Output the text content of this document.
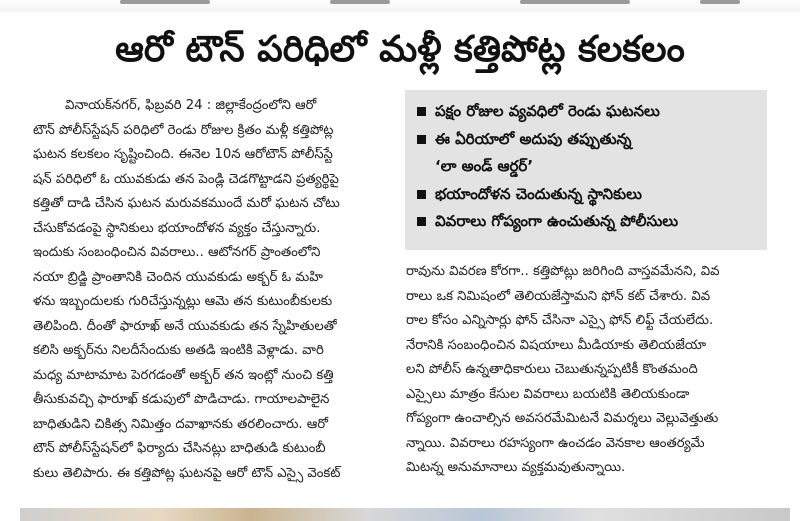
ఆరో టౌన్ పరిధిలో మళ్లీ కత్తిపోట్ల కలకలం

వినాయక్‌నగర్, ఫిబ్రవరి 24 : జిల్లాకేంద్రంలోని ఆరో

టౌన్ పోలీస్‌స్టేషన్ పరిధిలో రెండు రోజుల క్రితం మళ్లీ కత్తిపోట్ల

ఘటన కలకలం సృష్టించింది. ఈనెల 10న ఆరోటౌన్ పోలీస్‌స్టే

షన్ పరిధిలో ఓ యువకుడు తన పెండ్లి చెడగొట్టాడని ప్రత్యర్థిపై

కత్తితో దాడి చేసిన ఘటన మరువకముందే మరో ఘటన చోటు

చేసుకోవడంపై స్థానికులు భయాందోళన వ్యక్తం చేస్తున్నారు.

ఇందుకు సంబంధించిన వివరాలు.. ఆటోనగర్ ప్రాంతంలోని

నయా బ్రిడ్జి ప్రాంతానికి చెందిన యువకుడు అక్బర్ ఓ మహి

ళను ఇబ్బందులకు గురిచేస్తున్నట్లు ఆమె తన కుటుంబీకులకు

తెలిపింది. దీంతో ఫారూఖ్ అనే యువకుడు తన స్నేహితులతో

కలిసి అక్బర్‌ను నిలదీసేందుకు అతడి ఇంటికి వెళ్లాడు. వారి

మధ్య మాటామాట పెరగడంతో అక్బర్ తన ఇంట్లో నుంచి కత్తి

తీసుకువచ్చి ఫారూఖ్ కడుపులో పొడిచాడు. గాయాలపాలైన

బాధితుడిని చికిత్స నిమిత్తం దవాఖానకు తరలించారు. ఆరో

టౌన్ పోలీస్‌స్టేషన్‌లో ఫిర్యాదు చేసినట్లు బాధితుడి కుటుంబీ

కులు తెలిపారు. ఈ కత్తిపోట్ల ఘటనపై ఆరో టౌన్ ఎస్సై వెంకట్

పక్షం రోజుల వ్యవధిలో రెండు ఘటనలు
ఈ ఏరియాలో అదుపు తప్పుతున్న
‘లా అండ్ ఆర్డర్’
భయాందోళన చెందుతున్న స్థానికులు
వివరాలు గోప్యంగా ఉంచుతున్న పోలీసులు

రావును వివరణ కోరగా.. కత్తిపోట్లు జరిగింది వాస్తవమేనని, వివ

రాలు ఒక నిమిషంలో తెలియజేస్తామని ఫోన్ కట్ చేశారు. వివ

రాల కోసం ఎన్నిసార్లు ఫోన్ చేసినా ఎస్సై ఫోన్ లిఫ్ట్ చేయలేదు.

నేరానికి సంబంధించిన విషయాలు మీడియాకు తెలియజేయా

లని పోలీస్ ఉన్నతాధికారులు చెబుతున్నప్పటికీ కొంతమంది

ఎస్సైలు మాత్రం కేసుల వివరాలు బయటికి తెలియకుండా

గోప్యంగా ఉంచాల్సిన అవసరమేమిటనే విమర్శలు వెల్లువెత్తుతు

న్నాయి. వివరాలు రహస్యంగా ఉంచడం వెనకాల ఆంతర్యమే

మిటన్న అనుమానాలు వ్యక్తమవుతున్నాయి.
